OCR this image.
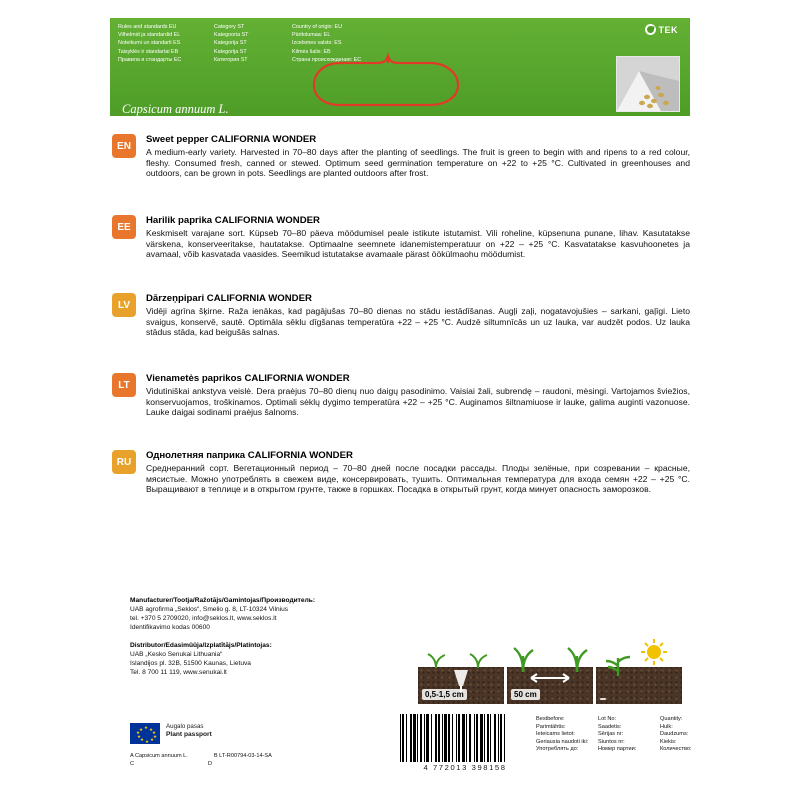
Rules and standards EU	Category ST	Country of origin: EU
Vilhelmid ja standardid EL	Kategooria ST	Päritolumaa: EL
Noteikumi un standarti ES	Kategorija ST	Izcelsmes valsts: ES
Taisyklės ir standartai EB	Kategorija ST	Kilmės šalis: EB
Правила и стандарты ЕС	Категория ST	Страна происхождения: ЕС
Capsicum annuum L.
TEK
EN
Sweet pepper CALIFORNIA WONDER
A medium-early variety. Harvested in 70–80 days after the planting of seedlings. The fruit is green to begin with and ripens to a red colour, fleshy. Consumed fresh, canned or stewed. Optimum seed germination temperature on +22 to +25 °C. Cultivated in greenhouses and outdoors, can be grown in pots. Seedlings are planted outdoors after frost.
EE
Harilik paprika CALIFORNIA WONDER
Keskmiselt varajane sort. Küpseb 70–80 päeva möödumisel peale istikute istutamist. Vili roheline, küpsenuna punane, lihav. Kasutatakse värskena, konserveeritakse, hautatakse. Optimaalne seemnete idanemistemperatuur on +22 – +25 °C. Kasvatatakse kasvuhoonetes ja avamaal, võib kasvatada vaasides. Seemikud istutatakse avamaale pärast öökülmaohu möödumist.
LV
Dārzeņpipari CALIFORNIA WONDER
Vidēji agrīna šķirne. Raža ienākas, kad pagājušas 70–80 dienas no stādu iestādīšanas. Augļi zaļi, nogatavojušies – sarkani, gaļīgi. Lieto svaigus, konservē, sautē. Optimāla sēklu dīgšanas temperatūra +22 – +25 °C. Audzē siltumnīcās un uz lauka, var audzēt podos. Uz lauka stādus stāda, kad beigušās salnas.
LT
Vienametės paprikos CALIFORNIA WONDER
Vidutiniškai ankstyva veislė. Dera praėjus 70–80 dienų nuo daigų pasodinimo. Vaisiai žali, subrendę – raudoni, mėsingi. Vartojamos šviežios, konservuojamos, troškinamos. Optimali sėklų dygimo temperatūra +22 – +25 °C. Auginamos šiltnamiuose ir lauke, galima auginti vazonuose. Lauke daigai sodinami praėjus šalnoms.
RU
Однолетняя паприка CALIFORNIA WONDER
Среднеранний сорт. Вегетационный период – 70–80 дней после посадки рассады. Плоды зелёные, при созревании – красные, мясистые. Можно употреблять в свежем виде, консервировать, тушить. Оптимальная температура для входа семян +22 – +25 °C. Выращивают в теплице и в открытом грунте, также в горшках. Посадка в открытый грунт, когда минует опасность заморозков.
Manufacturer/Tootja/Ražotājs/Gamintojas/Производитель:
UAB agrofirma „Seklos“, Smelio g. 8, LT-10324 Vilnius
tel. +370 5 2709020, info@seklos.lt, www.seklos.lt
Identifikavimo kodas 00600
Distributor/Edasimüüja/Izplatītājs/Platintojas:
UAB „Kesko Senukai Lithuania“
Islandijos pl. 32B, 51500 Kaunas, Lietuva
Tel. 8 700 11 119, www.senukai.lt
★ ★
★
★
★
★
★
★
★
★	Augalo pasas
Plant passport
A Capsicum annuum L.	B LT-R00794-03-14-SA
C	D
0,5-1,5 cm	50 cm
4 772013 398158
Bestbefore:	Lot No:	Quantity:
Parimtähtis:	Saadetis:	Hulk:
Ieteicams lietot:	Sērijas nr:	Daudzums:
Geriausia naudoti iki:	Siuntos nr:	Kiekis:
Употреблять до:	Номер партии:	Количество:
